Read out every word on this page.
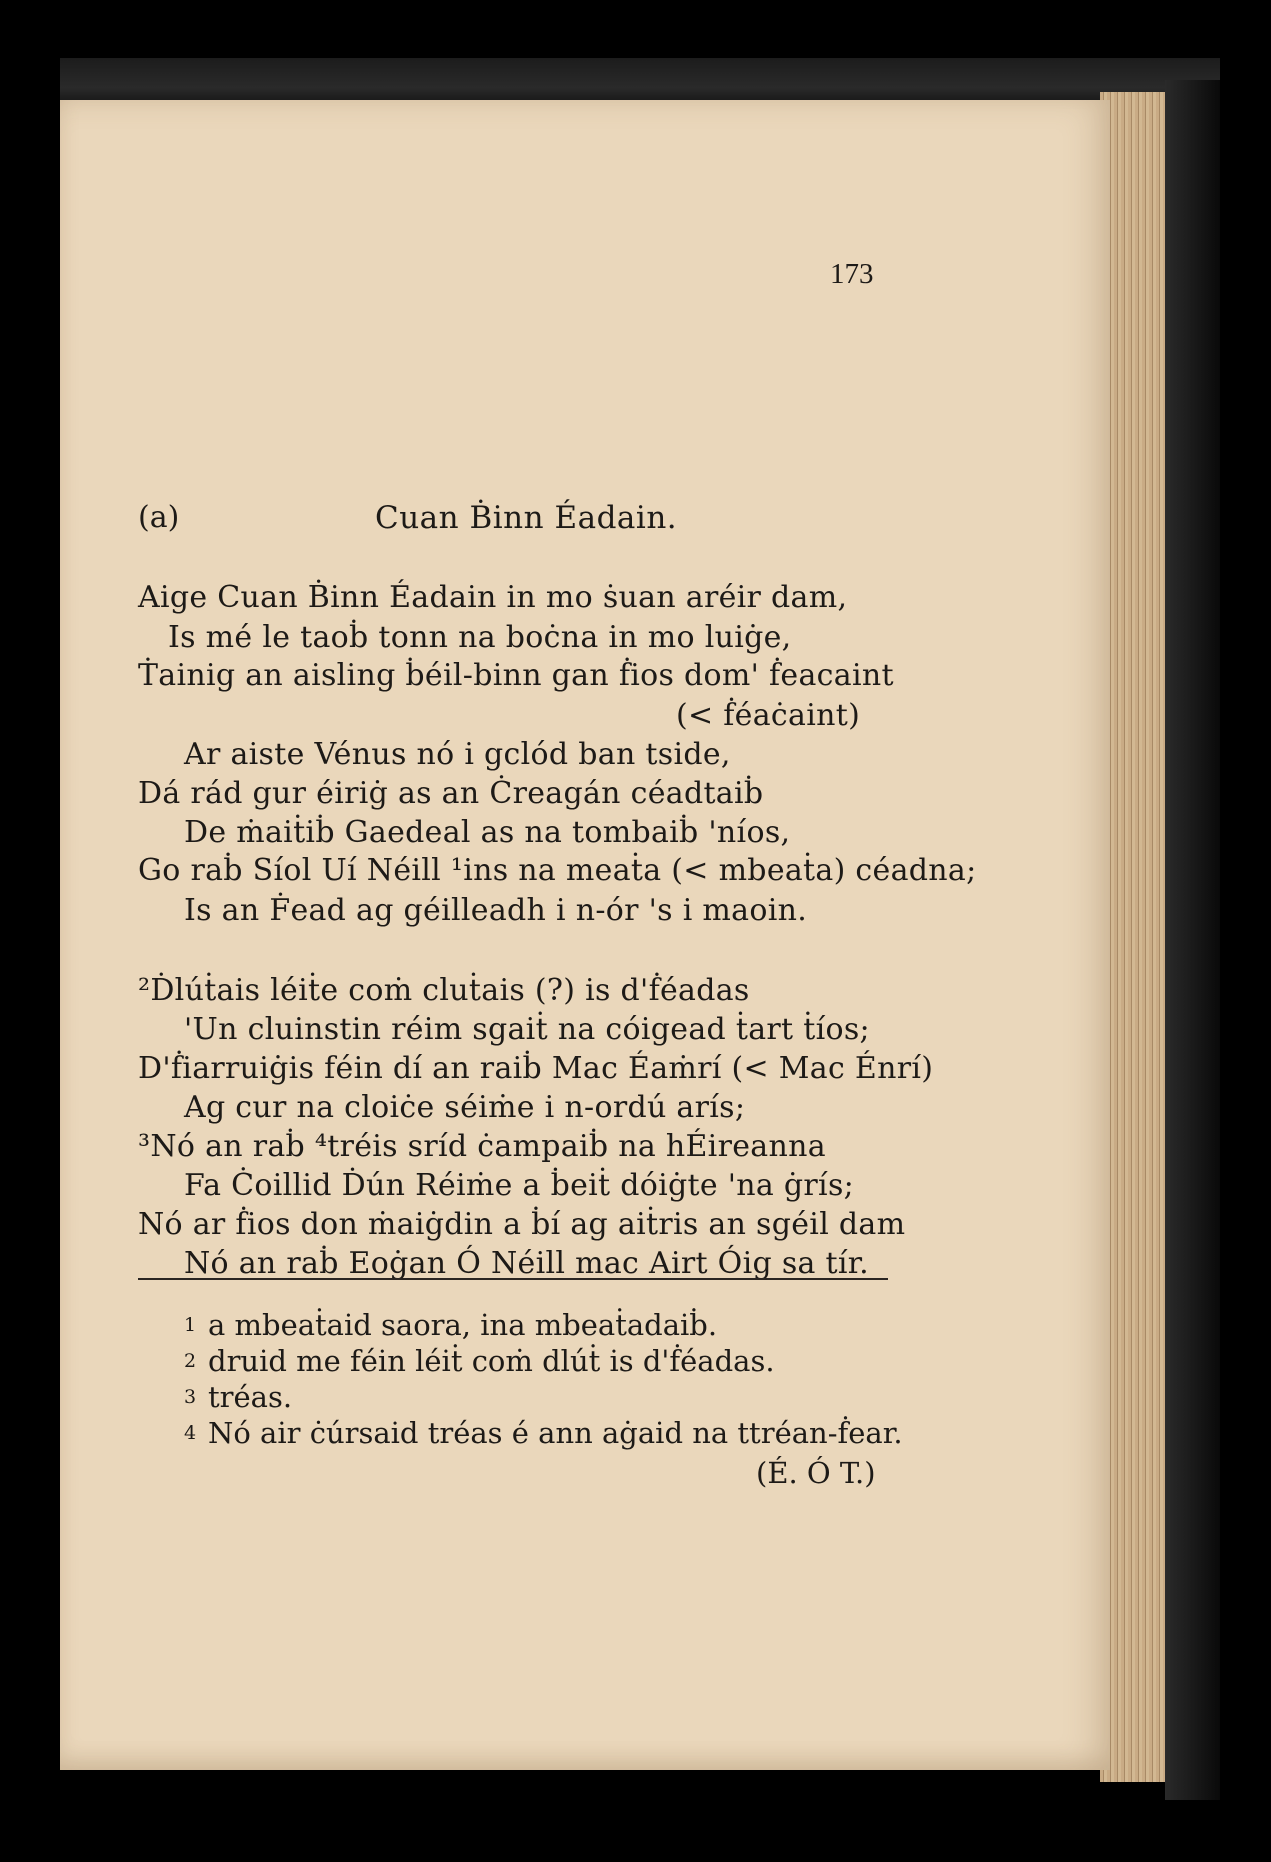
173
(a)	Cuan Ḃinn Éadain.
Aige Cuan Ḃinn Éadain in mo ṡuan aréir dam,
Is mé le taoḃ tonn na boċna in mo luiġe,
Ṫainig an aisling ḃéil-binn gan ḟios dom' ḟeacaint
(< ḟéaċaint)
Ar aiste Vénus nó i gclód ban tside,
Dá rád gur éiriġ as an Ċreagán céadtaiḃ
De ṁaiṫiḃ Gaedeal as na tombaiḃ 'níos,
Go raḃ Síol Uí Néill ¹ins na meaṫa (< mbeaṫa) céadna;
Is an Ḟead ag géilleadh i n-ór 's i maoin.
²Ḋlúṫais léiṫe coṁ cluṫais (?) is d'ḟéadas
'Un cluinstin réim sgaiṫ na cóigead ṫart ṫíos;
D'ḟiarruiġis féin dí an raiḃ Mac Éaṁrí (< Mac Énrí)
Ag cur na cloiċe séiṁe i n-ordú arís;
³Nó an raḃ ⁴tréis sríd ċampaiḃ na hÉireanna
Fa Ċoillid Ḋún Réiṁe a ḃeiṫ dóiġte 'na ġrís;
Nó ar ḟios don ṁaiġdin a ḃí ag aiṫris an sgéil dam
Nó an raḃ Eoġan Ó Néill mac Airt Óig sa tír.
1 a mbeaṫaid saora, ina mbeaṫadaiḃ.
2 druid me féin léiṫ coṁ dlúṫ is d'ḟéadas.
3 tréas.
4 Nó air ċúrsaid tréas é ann aġaid na ttréan-ḟear.
(É. Ó T.)
